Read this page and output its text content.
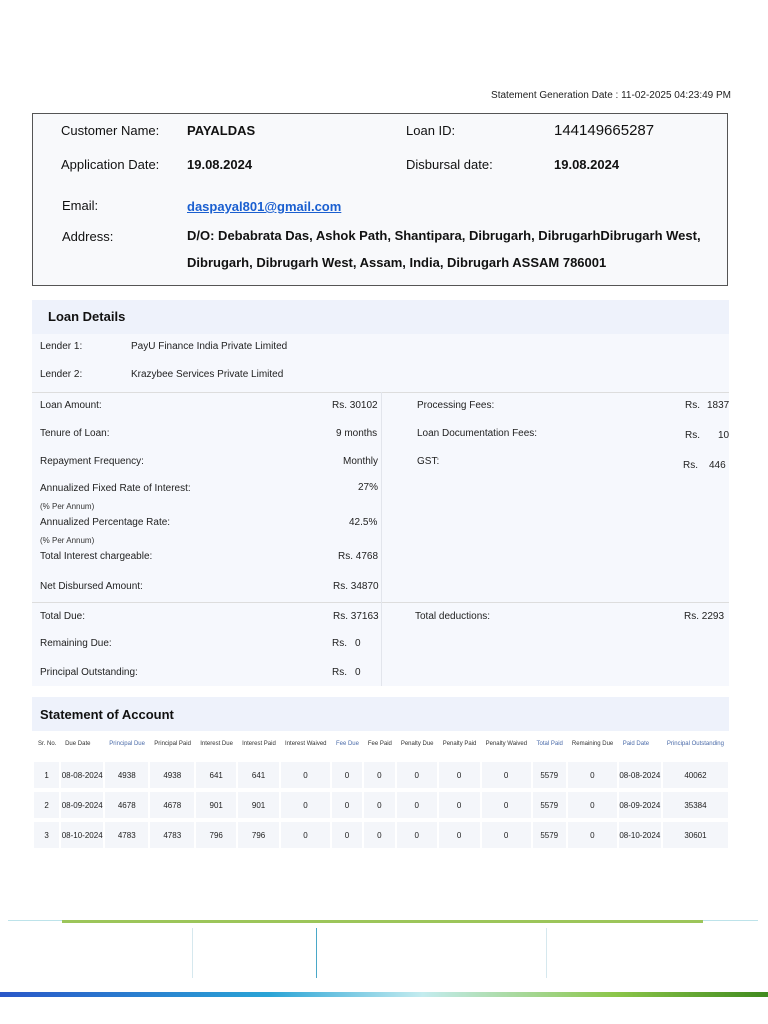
Statement Generation Date : 11-02-2025 04:23:49 PM
Customer Name: PAYALDAS	Loan ID:	144149665287
Application Date: 19.08.2024	Disbursal date:	19.08.2024
Email:	daspayal801@gmail.com
Address:	D/O: Debabrata Das, Ashok Path, Shantipara, Dibrugarh, DibrugarhDibrugarh West, Dibrugarh, Dibrugarh West, Assam, India, Dibrugarh ASSAM 786001
Loan Details
Lender 1:	PayU Finance India Private Limited
Lender 2:	Krazybee Services Private Limited
Loan Amount:	Rs. 30102
Tenure of Loan:	9 months
Repayment Frequency:	Monthly
Annualized Fixed Rate of Interest:
(% Per Annum)
27%
Annualized Percentage Rate:
(% Per Annum)
42.5%
Total Interest chargeable:	Rs. 4768
Net Disbursed Amount:	Rs. 34870
Processing Fees:	Rs. 1837
Loan Documentation Fees:	Rs. 10
GST:	Rs. 446
Total Due:	Rs. 37163	Total deductions:	Rs. 2293
Remaining Due:	Rs. 0
Principal Outstanding:	Rs. 0
Statement of Account
Sr. No.	Due Date	Principal Due	Principal Paid	Interest Due	Interest Paid	Interest Waived	Fee Due	Fee Paid	Penalty Due	Penalty Paid	Penalty Waived	Total Paid	Remaining Due	Paid Date	Principal Outstanding
1	08-08-2024	4938	4938	641	641	0	0	0	0	0	0	5579	0	08-08-2024	40062

2	08-09-2024	4678	4678	901	901	0	0	0	0	0	0	5579	0	08-09-2024	35384

3	08-10-2024	4783	4783	796	796	0	0	0	0	0	0	5579	0	08-10-2024	30601
